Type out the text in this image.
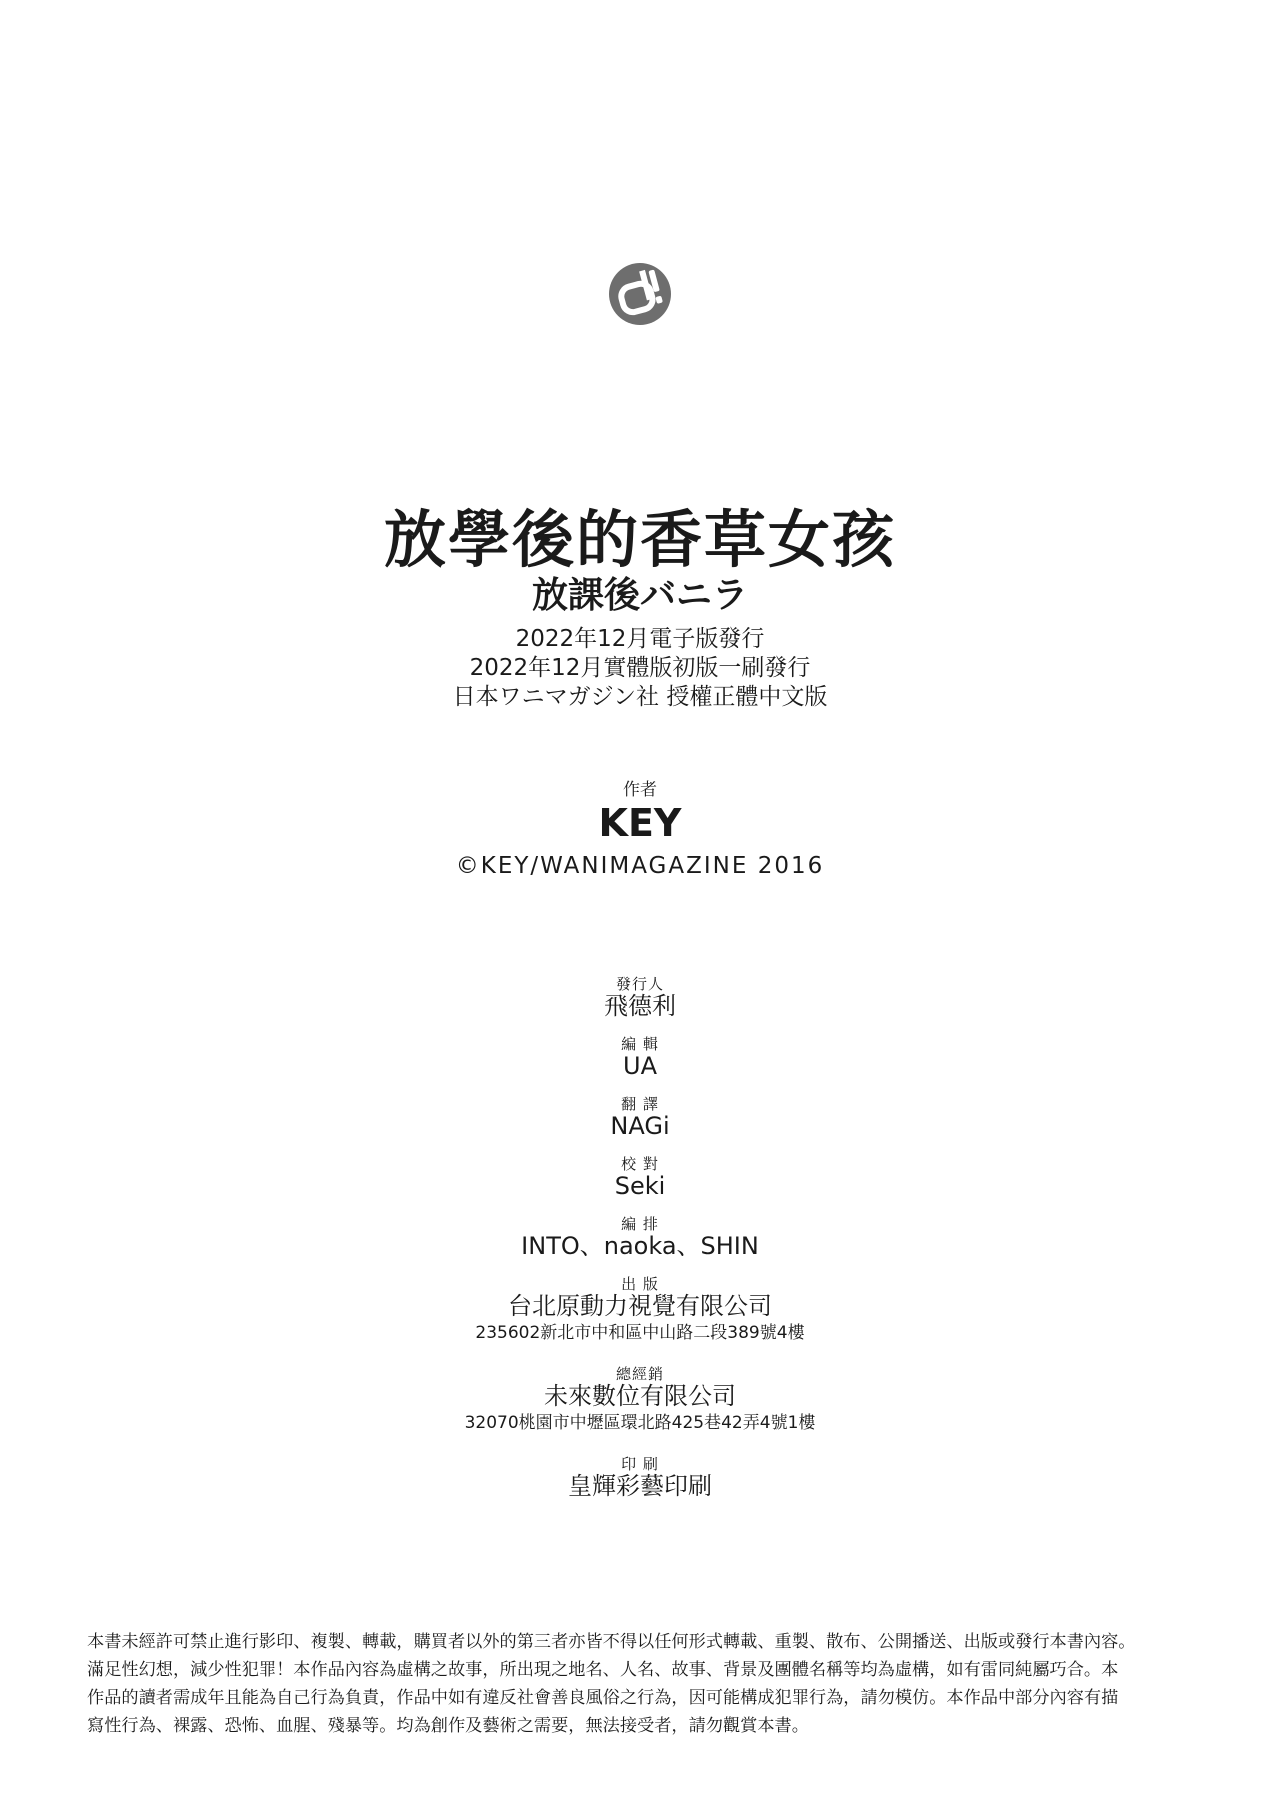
放學後的香草女孩
放課後バニラ
2022年12月電子版發行
2022年12月實體版初版一刷發行
日本ワニマガジン社 授權正體中文版
作者
KEY
©KEY/WANIMAGAZINE 2016
發行人
飛德利
編 輯
UA
翻 譯
NAGi
校 對
Seki
編 排
INTO、naoka、SHIN
出 版
台北原動力視覺有限公司
235602新北市中和區中山路二段389號4樓
總經銷
未來數位有限公司
32070桃園市中壢區環北路425巷42弄4號1樓
印 刷
皇輝彩藝印刷
本書未經許可禁止進行影印、複製、轉載，購買者以外的第三者亦皆不得以任何形式轉載、重製、散布、公開播送、出版或發行本書內容。
滿足性幻想，減少性犯罪！本作品內容為虛構之故事，所出現之地名、人名、故事、背景及團體名稱等均為虛構，如有雷同純屬巧合。本
作品的讀者需成年且能為自己行為負責，作品中如有違反社會善良風俗之行為，因可能構成犯罪行為，請勿模仿。本作品中部分內容有描
寫性行為、裸露、恐怖、血腥、殘暴等。均為創作及藝術之需要，無法接受者，請勿觀賞本書。
